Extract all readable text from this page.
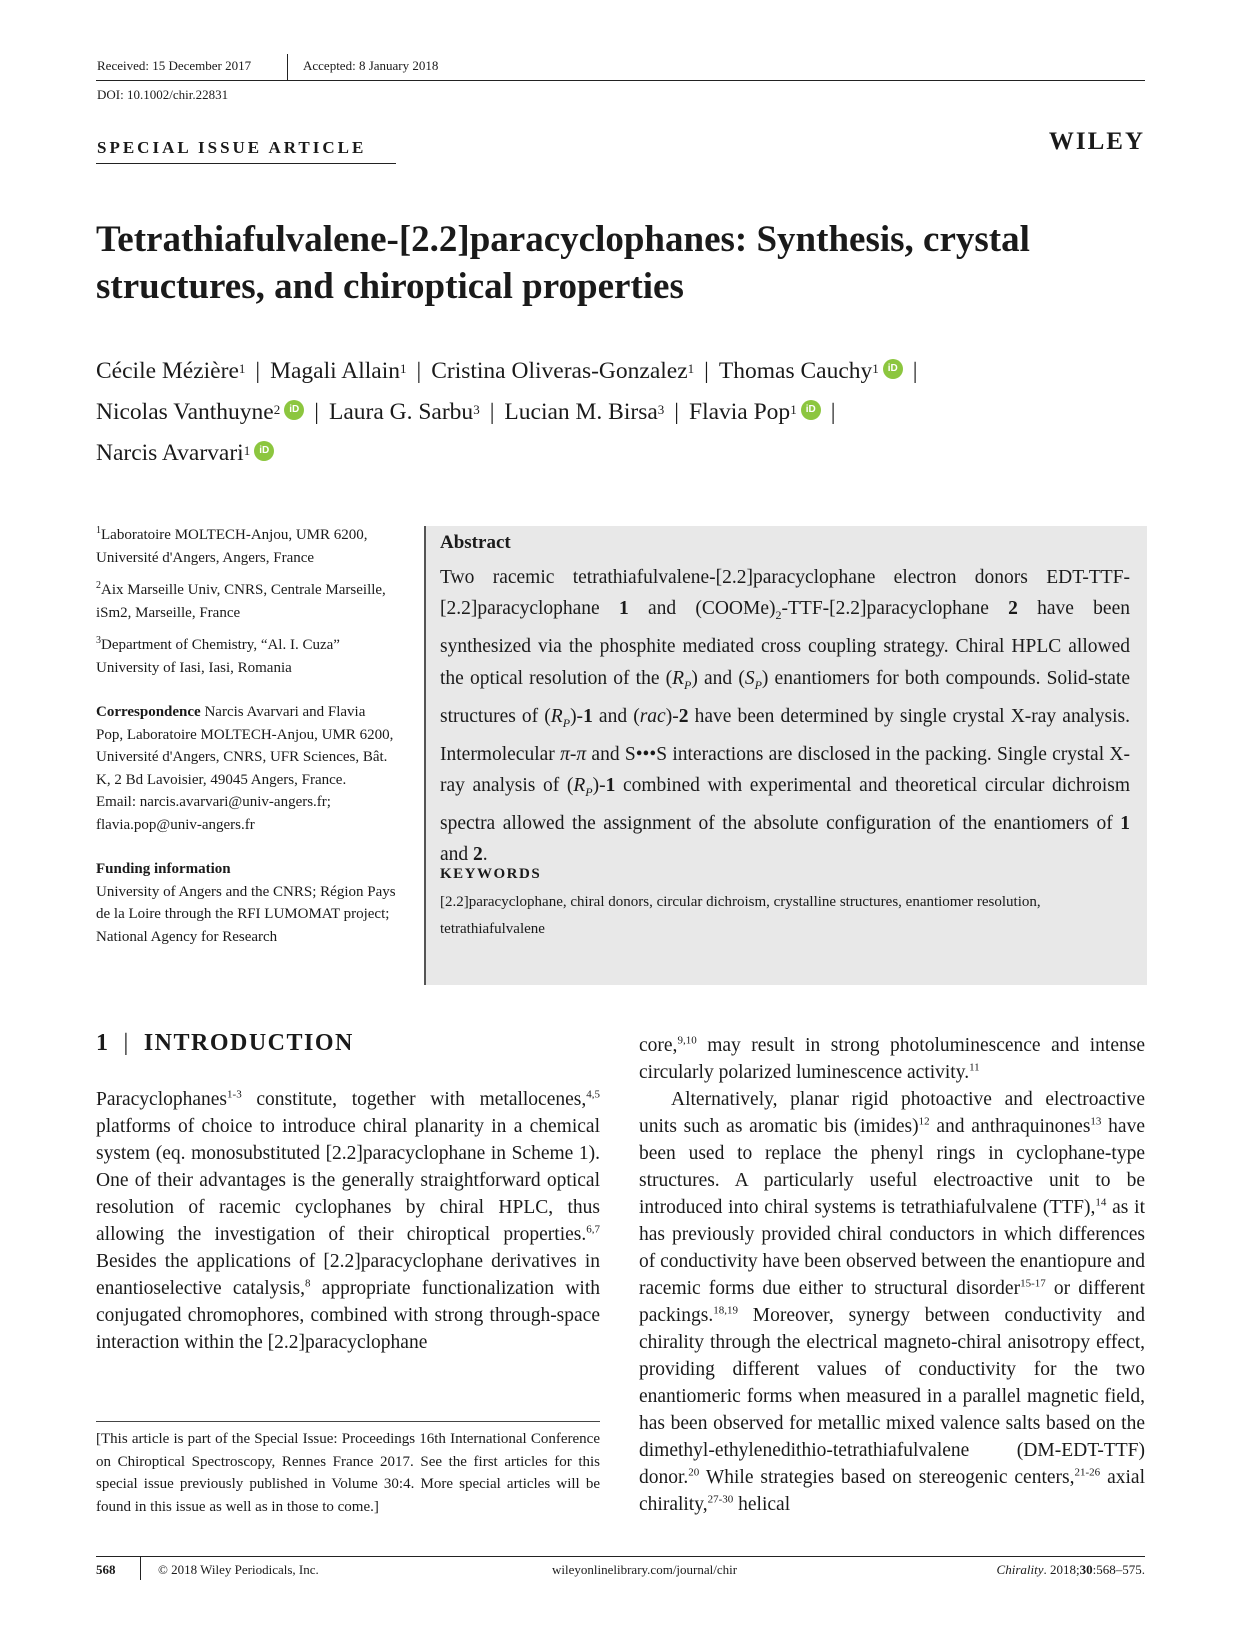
Received: 15 December 2017	Accepted: 8 January 2018
DOI: 10.1002/chir.22831
SPECIAL ISSUE ARTICLE	WILEY
Tetrathiafulvalene-[2.2]paracyclophanes: Synthesis, crystal
structures, and chiroptical properties
Cécile Mézière$^1$ | Magali Allain$^1$ | Cristina Oliveras-Gonzalez$^1$ | Thomas Cauchy$^1$ iD |
Nicolas Vanthuyne$^2$ iD | Laura G. Sarbu$^3$ | Lucian M. Birsa$^3$ | Flavia Pop$^1$ iD |
Narcis Avarvari$^1$ iD

$^1$Laboratoire MOLTECH-Anjou, UMR 6200, Université d'Angers, Angers, France

$^2$Aix Marseille Univ, CNRS, Centrale Marseille, iSm2, Marseille, France

$^3$Department of Chemistry, “Al. I. Cuza” University of Iasi, Iasi, Romania

Correspondence Narcis Avarvari and Flavia Pop, Laboratoire MOLTECH-Anjou, UMR 6200, Université d'Angers, CNRS, UFR Sciences, Bât. K, 2 Bd Lavoisier, 49045 Angers, France.
Email: narcis.avarvari@univ-angers.fr; flavia.pop@univ-angers.fr

Funding information

University of Angers and the CNRS; Région Pays de la Loire through the RFI LUMOMAT project; National Agency for Research

Abstract

Two racemic tetrathiafulvalene-[2.2]paracyclophane electron donors EDT-TTF-[2.2]paracyclophane 1 and $(COOMe)_2-TTF-[2.2]paracyclophane$ 2 have been synthesized via the phosphite mediated cross coupling strategy. Chiral HPLC allowed the optical resolution of the $(R_P)$ and $(S_P)$ enantiomers for both compounds. Solid-state structures of $(R_P)-1$ and (rac)-2 have been determined by single crystal X-ray analysis. Intermolecular π-π and S•••S interactions are disclosed in the packing. Single crystal X-ray analysis of $(R_P)-1$ combined with experimental and theoretical circular dichroism spectra allowed the assignment of the absolute configuration of the enantiomers of 1 and 2.

KEYWORDS

[2.2]paracyclophane, chiral donors, circular dichroism, crystalline structures, enantiomer resolution, tetrathiafulvalene

1 | INTRODUCTION

Paracyclophanes$^{1-3}$ constitute, together with metallocenes,$^{4,5}$ platforms of choice to introduce chiral planarity in a chemical system (eq. monosubstituted [2.2]paracyclophane in Scheme 1). One of their advantages is the generally straightforward optical resolution of racemic cyclophanes by chiral HPLC, thus allowing the investigation of their chiroptical properties.$^{6,7}$ Besides the applications of [2.2]paracyclophane derivatives in enantioselective catalysis,$^8$ appropriate functionalization with conjugated chromophores, combined with strong through-space interaction within the [2.2]paracyclophane

core,$^{9,10}$ may result in strong photoluminescence and intense circularly polarized luminescence activity.$^{11}$

Alternatively, planar rigid photoactive and electroactive units such as aromatic bis (imides)$^{12}$ and anthraquinones$^{13}$ have been used to replace the phenyl rings in cyclophane-type structures. A particularly useful electroactive unit to be introduced into chiral systems is tetrathiafulvalene (TTF),$^{14}$ as it has previously provided chiral conductors in which differences of conductivity have been observed between the enantiopure and racemic forms due either to structural disorder$^{15-17}$ or different packings.$^{18,19}$ Moreover, synergy between conductivity and chirality through the electrical magneto-chiral anisotropy effect, providing different values of conductivity for the two enantiomeric forms when measured in a parallel magnetic field, has been observed for metallic mixed valence salts based on the dimethyl-ethylenedithio-tetrathiafulvalene (DM-EDT-TTF) donor.$^{20}$ While strategies based on stereogenic centers,$^{21-26}$ axial chirality,$^{27-30}$ helical

[This article is part of the Special Issue: Proceedings 16th International Conference on Chiroptical Spectroscopy, Rennes France 2017. See the first articles for this special issue previously published in Volume 30:4. More special articles will be found in this issue as well as in those to come.]

568	© 2018 Wiley Periodicals, Inc.	wileyonlinelibrary.com/journal/chir	Chirality. 2018;30:568–575.
